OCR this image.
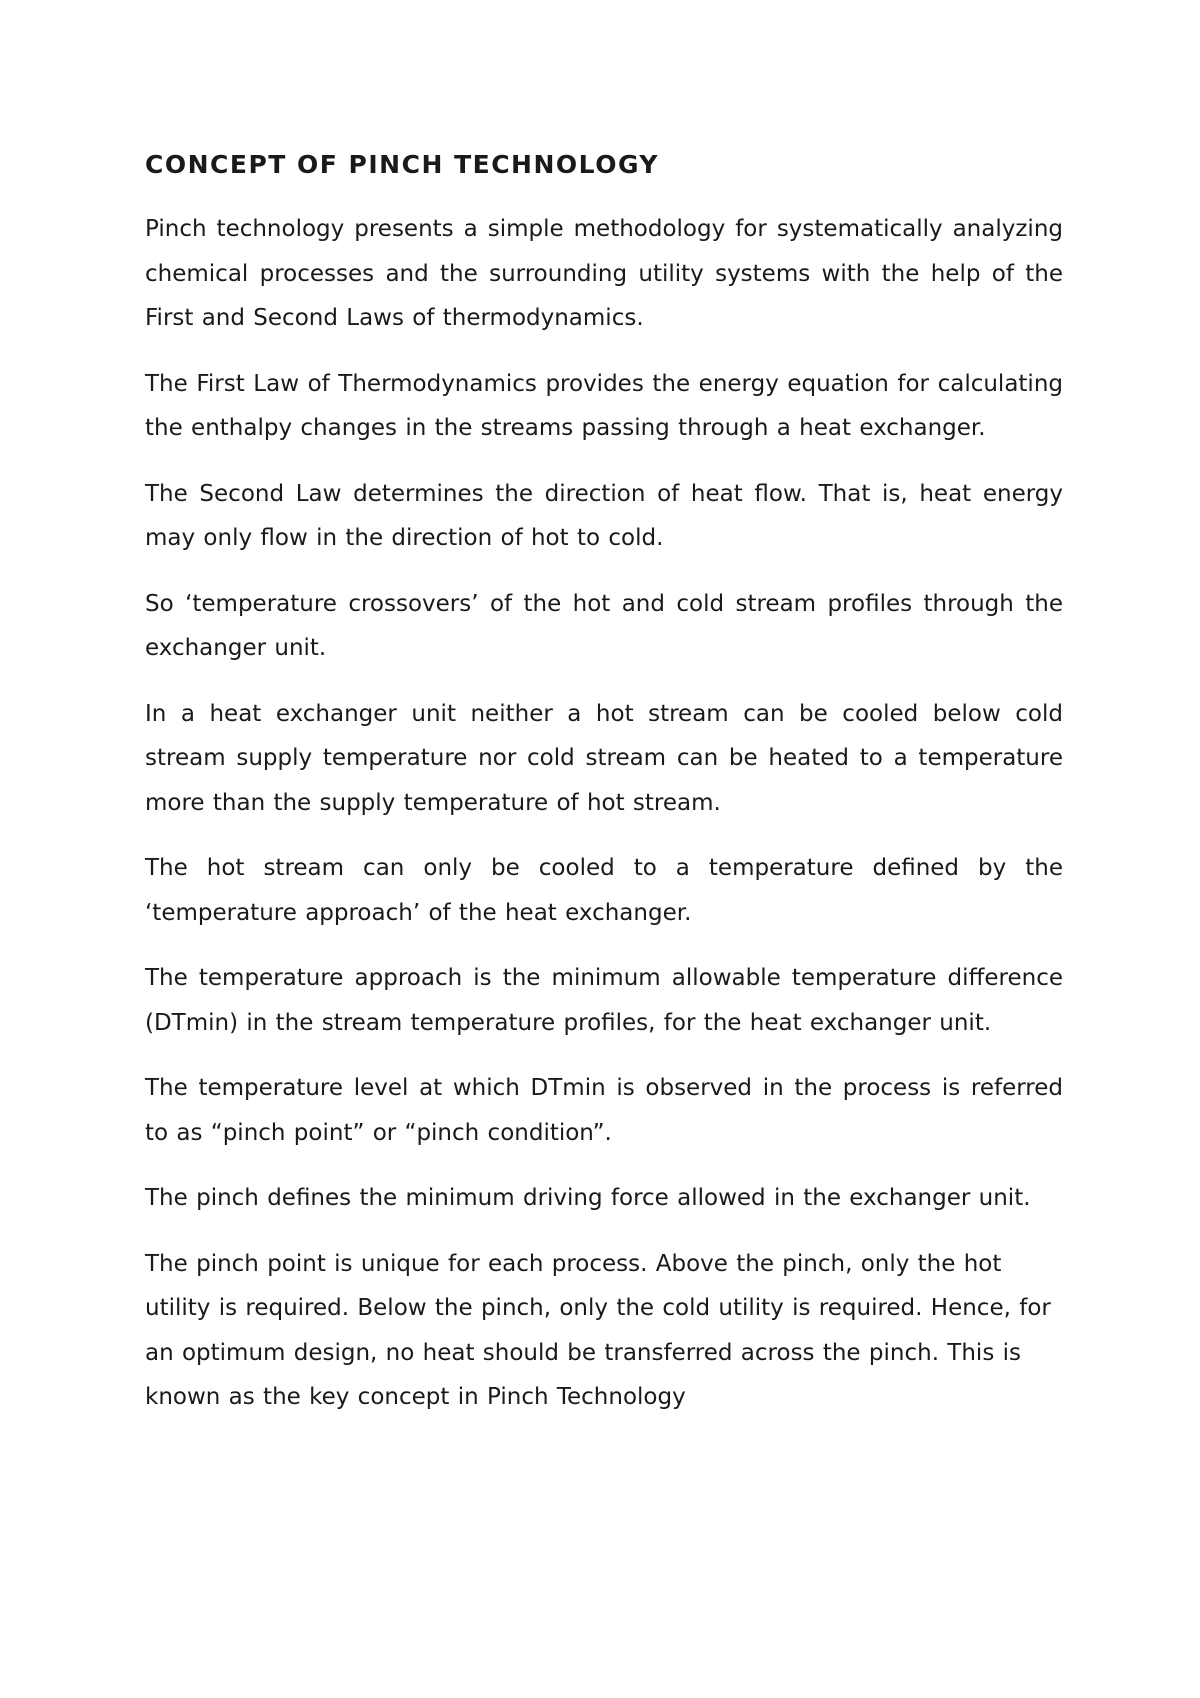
CONCEPT OF PINCH TECHNOLOGY

Pinch technology presents a simple methodology for systematically analyzing chemical processes and the surrounding utility systems with the help of the First and Second Laws of thermodynamics.

The First Law of Thermodynamics provides the energy equation for calculating the enthalpy changes in the streams passing through a heat exchanger.

The Second Law determines the direction of heat flow. That is, heat energy may only flow in the direction of hot to cold.

So ‘temperature crossovers’ of the hot and cold stream profiles through the exchanger unit.

In a heat exchanger unit neither a hot stream can be cooled below cold stream supply temperature nor cold stream can be heated to a temperature more than the supply temperature of hot stream.

The hot stream can only be cooled to a temperature defined by the ‘temperature approach’ of the heat exchanger.

The temperature approach is the minimum allowable temperature difference (DTmin) in the stream temperature profiles, for the heat exchanger unit.

The temperature level at which DTmin is observed in the process is referred to as “pinch point” or “pinch condition”.

The pinch defines the minimum driving force allowed in the exchanger unit.

The pinch point is unique for each process. Above the pinch, only the hot utility is required. Below the pinch, only the cold utility is required. Hence, for an optimum design, no heat should be transferred across the pinch. This is known as the key concept in Pinch Technology
